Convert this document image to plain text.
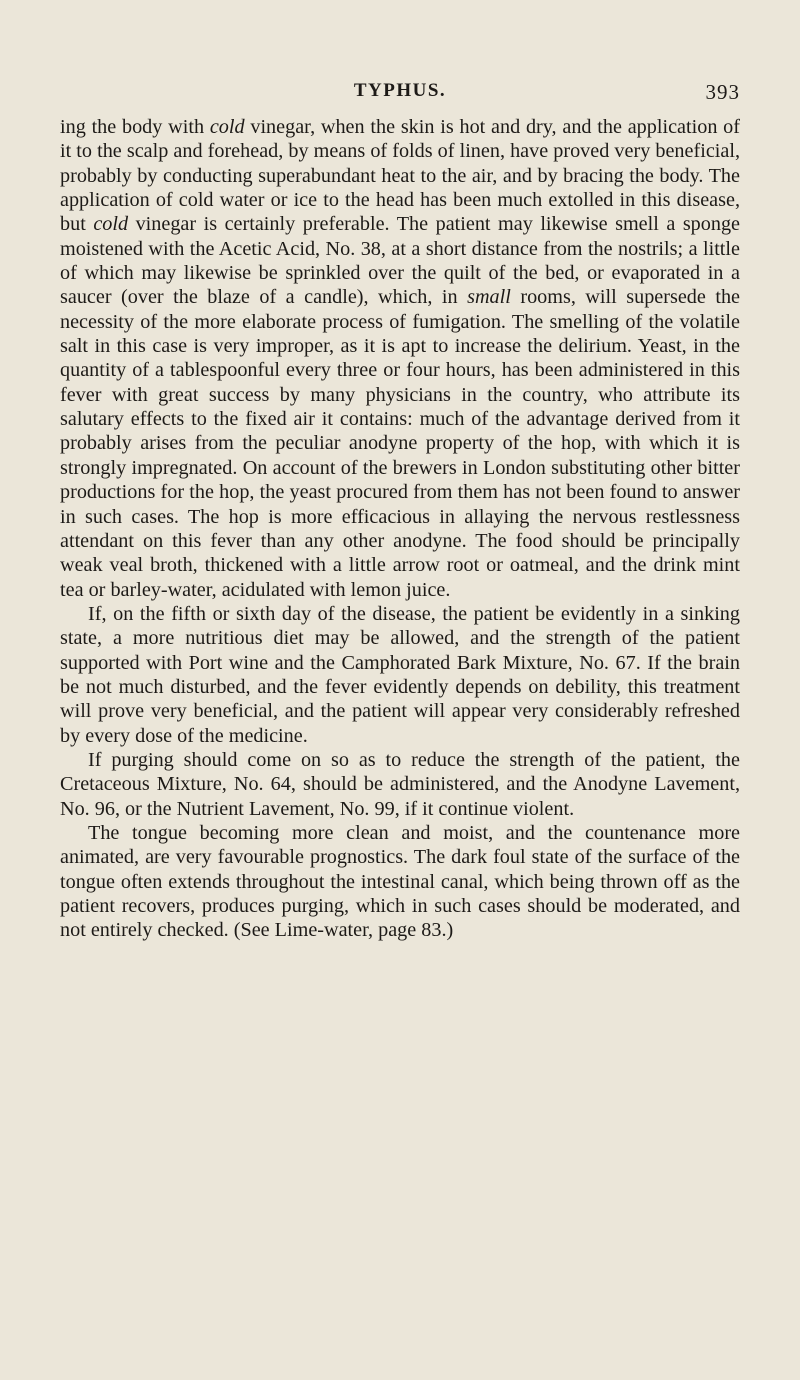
TYPHUS.	393

ing the body with cold vinegar, when the skin is hot and dry, and the application of it to the scalp and forehead, by means of folds of linen, have proved very beneficial, probably by conducting superabundant heat to the air, and by bracing the body. The application of cold water or ice to the head has been much extolled in this disease, but cold vinegar is certainly preferable. The patient may likewise smell a sponge moistened with the Acetic Acid, No. 38, at a short distance from the nostrils; a little of which may likewise be sprinkled over the quilt of the bed, or evaporated in a saucer (over the blaze of a candle), which, in small rooms, will supersede the necessity of the more elaborate process of fumigation. The smelling of the volatile salt in this case is very improper, as it is apt to increase the delirium. Yeast, in the quantity of a tablespoonful every three or four hours, has been administered in this fever with great success by many physicians in the country, who attribute its salutary effects to the fixed air it contains: much of the advantage derived from it probably arises from the peculiar anodyne property of the hop, with which it is strongly impregnated. On account of the brewers in London substituting other bitter productions for the hop, the yeast procured from them has not been found to answer in such cases. The hop is more efficacious in allaying the nervous restlessness attendant on this fever than any other anodyne. The food should be principally weak veal broth, thickened with a little arrow root or oatmeal, and the drink mint tea or barley-water, acidulated with lemon juice.

If, on the fifth or sixth day of the disease, the patient be evidently in a sinking state, a more nutritious diet may be allowed, and the strength of the patient supported with Port wine and the Camphorated Bark Mixture, No. 67. If the brain be not much disturbed, and the fever evidently depends on debility, this treatment will prove very beneficial, and the patient will appear very considerably refreshed by every dose of the medicine.

If purging should come on so as to reduce the strength of the patient, the Cretaceous Mixture, No. 64, should be administered, and the Anodyne Lavement, No. 96, or the Nutrient Lavement, No. 99, if it continue violent.

The tongue becoming more clean and moist, and the countenance more animated, are very favourable prognostics. The dark foul state of the surface of the tongue often extends throughout the intestinal canal, which being thrown off as the patient recovers, produces purging, which in such cases should be moderated, and not entirely checked. (See Lime-water, page 83.)
